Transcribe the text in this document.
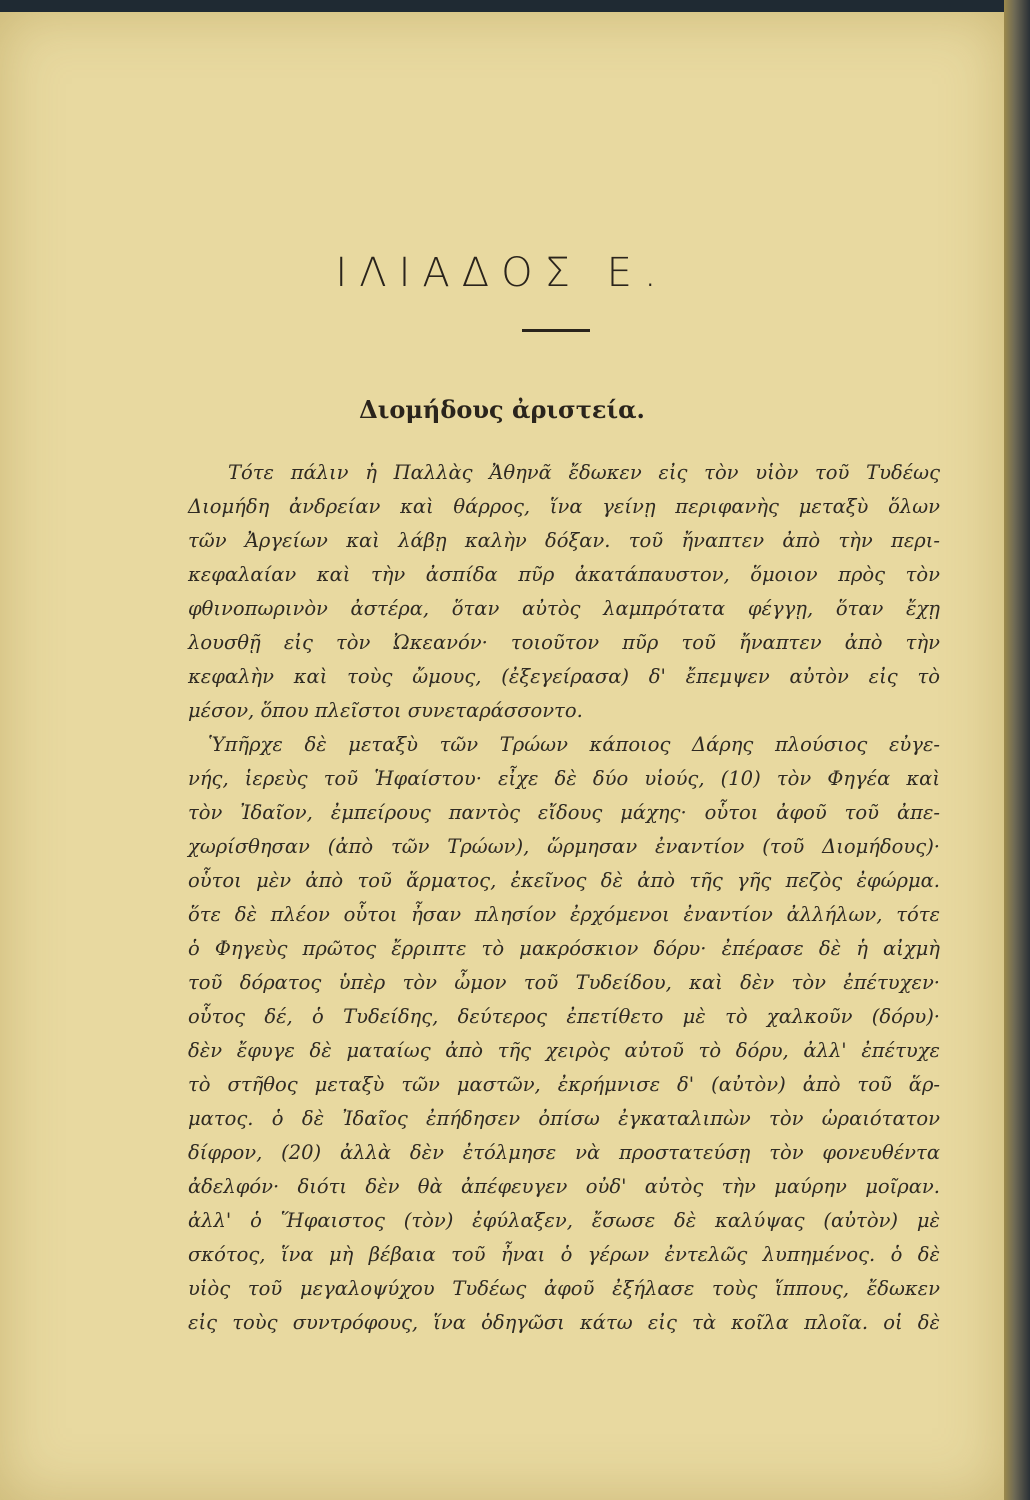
ΙΛΙΑΔΟΣ Ε.
Διομήδους ἀριστεία.
Τότε πάλιν ἡ Παλλὰς Ἀθηνᾶ ἔδωκεν εἰς τὸν υἱὸν τοῦ Τυδέως
Διομήδη ἀνδρείαν καὶ θάρρος, ἵνα γείνῃ περιφανὴς μεταξὺ ὅλων
τῶν Ἀργείων καὶ λάβῃ καλὴν δόξαν. τοῦ ἤναπτεν ἀπὸ τὴν περι-
κεφαλαίαν καὶ τὴν ἀσπίδα πῦρ ἀκατάπαυστον, ὅμοιον πρὸς τὸν
φθινοπωρινὸν ἀστέρα, ὅταν αὐτὸς λαμπρότατα φέγγῃ, ὅταν ἔχῃ
λουσθῇ εἰς τὸν Ὠκεανόν· τοιοῦτον πῦρ τοῦ ἤναπτεν ἀπὸ τὴν
κεφαλὴν καὶ τοὺς ὤμους, (ἐξεγείρασα) δ' ἔπεμψεν αὐτὸν εἰς τὸ
μέσον, ὅπου πλεῖστοι συνεταράσσοντο.
Ὑπῆρχε δὲ μεταξὺ τῶν Τρώων κάποιος Δάρης πλούσιος εὐγε-
νής, ἱερεὺς τοῦ Ἡφαίστου· εἶχε δὲ δύο υἱούς, (10) τὸν Φηγέα καὶ
τὸν Ἰδαῖον, ἐμπείρους παντὸς εἴδους μάχης· οὗτοι ἀφοῦ τοῦ ἀπε-
χωρίσθησαν (ἀπὸ τῶν Τρώων), ὥρμησαν ἐναντίον (τοῦ Διομήδους)·
οὗτοι μὲν ἀπὸ τοῦ ἅρματος, ἐκεῖνος δὲ ἀπὸ τῆς γῆς πεζὸς ἐφώρμα.
ὅτε δὲ πλέον οὗτοι ἦσαν πλησίον ἐρχόμενοι ἐναντίον ἀλλήλων, τότε
ὁ Φηγεὺς πρῶτος ἔρριπτε τὸ μακρόσκιον δόρυ· ἐπέρασε δὲ ἡ αἰχμὴ
τοῦ δόρατος ὑπὲρ τὸν ὦμον τοῦ Τυδείδου, καὶ δὲν τὸν ἐπέτυχεν·
οὗτος δέ, ὁ Τυδείδης, δεύτερος ἐπετίθετο μὲ τὸ χαλκοῦν (δόρυ)·
δὲν ἔφυγε δὲ ματαίως ἀπὸ τῆς χειρὸς αὐτοῦ τὸ δόρυ, ἀλλ' ἐπέτυχε
τὸ στῆθος μεταξὺ τῶν μαστῶν, ἐκρήμνισε δ' (αὐτὸν) ἀπὸ τοῦ ἅρ-
ματος. ὁ δὲ Ἰδαῖος ἐπήδησεν ὀπίσω ἐγκαταλιπὼν τὸν ὡραιότατον
δίφρον, (20) ἀλλὰ δὲν ἐτόλμησε νὰ προστατεύσῃ τὸν φονευθέντα
ἀδελφόν· διότι δὲν θὰ ἀπέφευγεν οὐδ' αὐτὸς τὴν μαύρην μοῖραν.
ἀλλ' ὁ Ἥφαιστος (τὸν) ἐφύλαξεν, ἔσωσε δὲ καλύψας (αὐτὸν) μὲ
σκότος, ἵνα μὴ βέβαια τοῦ ἦναι ὁ γέρων ἐντελῶς λυπημένος. ὁ δὲ
υἱὸς τοῦ μεγαλοψύχου Τυδέως ἀφοῦ ἐξήλασε τοὺς ἵππους, ἔδωκεν
εἰς τοὺς συντρόφους, ἵνα ὁδηγῶσι κάτω εἰς τὰ κοῖλα πλοῖα. οἱ δὲ
